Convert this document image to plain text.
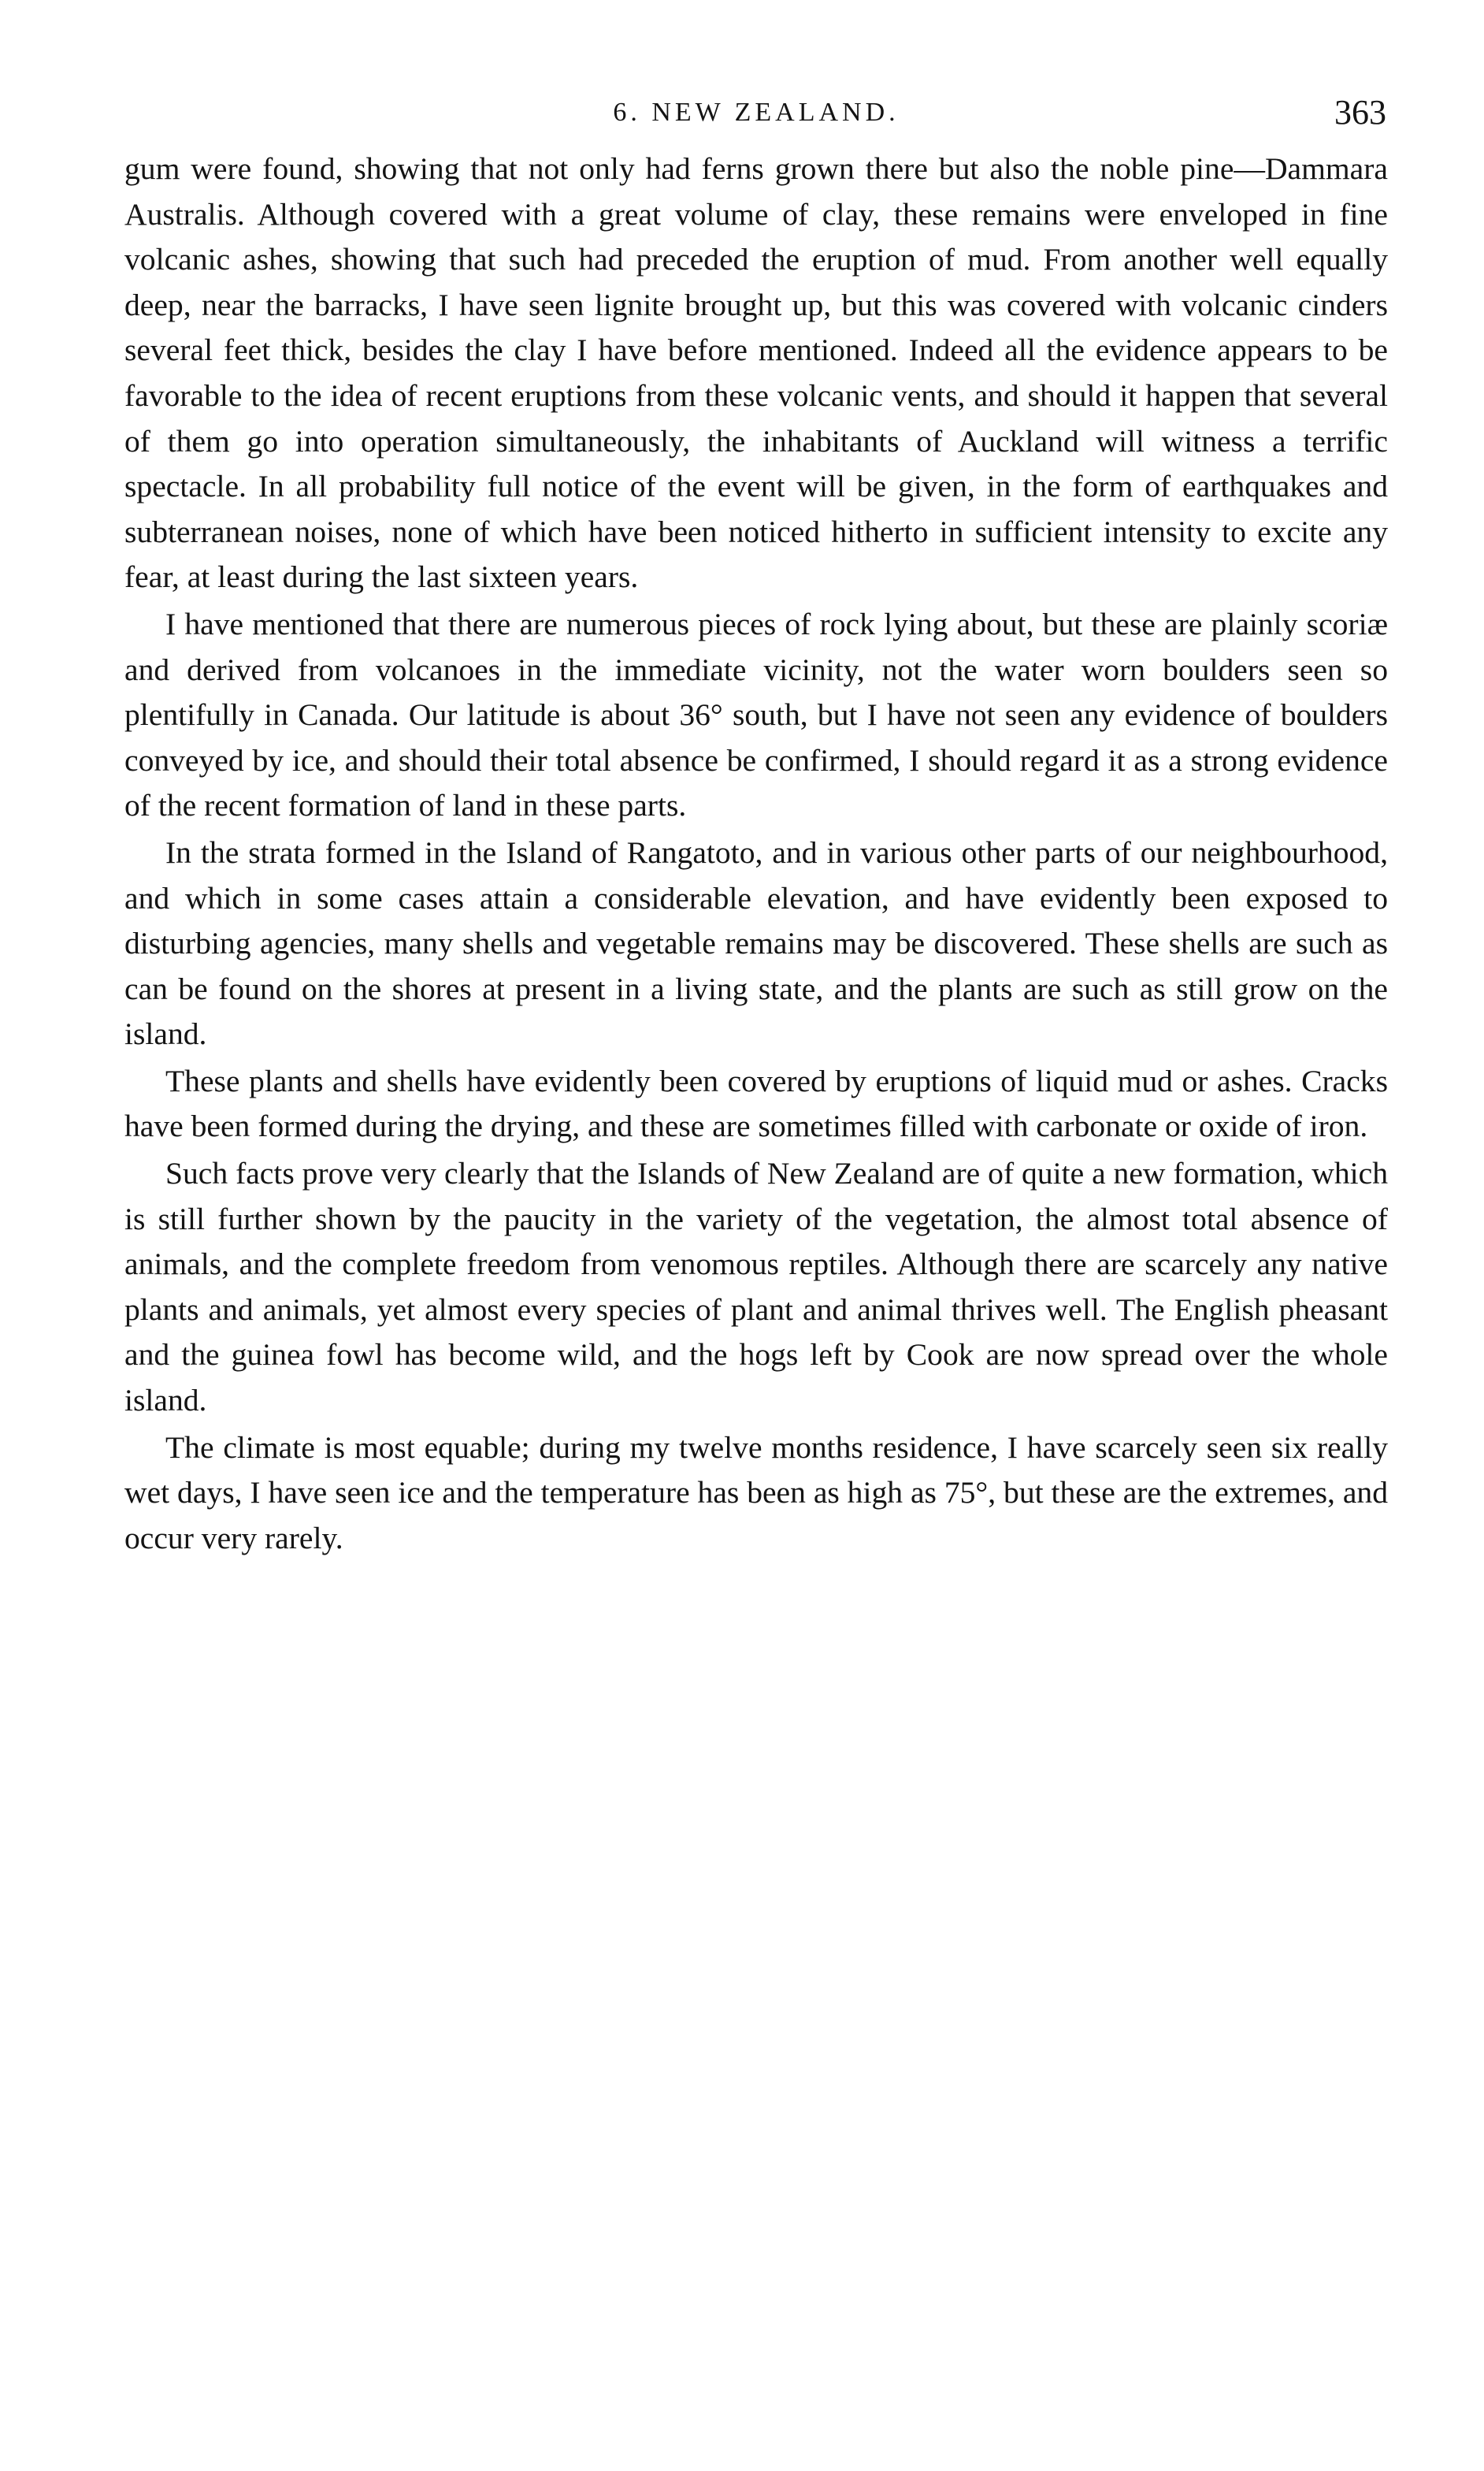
6. NEW ZEALAND.	363

gum were found, showing that not only had ferns grown there but also the noble pine—Dammara Australis. Although covered with a great volume of clay, these remains were enveloped in fine volcanic ashes, showing that such had preceded the eruption of mud. From another well equally deep, near the barracks, I have seen lignite brought up, but this was covered with volcanic cinders several feet thick, besides the clay I have before mentioned. Indeed all the evidence appears to be favorable to the idea of recent eruptions from these volcanic vents, and should it happen that several of them go into operation simultaneously, the inhabitants of Auckland will witness a terrific spectacle. In all probability full notice of the event will be given, in the form of earthquakes and subterranean noises, none of which have been noticed hitherto in sufficient intensity to excite any fear, at least during the last sixteen years.

I have mentioned that there are numerous pieces of rock lying about, but these are plainly scoriæ and derived from volcanoes in the immediate vicinity, not the water worn boulders seen so plentifully in Canada. Our latitude is about 36° south, but I have not seen any evidence of boulders conveyed by ice, and should their total absence be confirmed, I should regard it as a strong evidence of the recent formation of land in these parts.

In the strata formed in the Island of Rangatoto, and in various other parts of our neighbourhood, and which in some cases attain a considerable elevation, and have evidently been exposed to disturbing agencies, many shells and vegetable remains may be discovered. These shells are such as can be found on the shores at present in a living state, and the plants are such as still grow on the island.

These plants and shells have evidently been covered by eruptions of liquid mud or ashes. Cracks have been formed during the drying, and these are sometimes filled with carbonate or oxide of iron.

Such facts prove very clearly that the Islands of New Zealand are of quite a new formation, which is still further shown by the paucity in the variety of the vegetation, the almost total absence of animals, and the complete freedom from venomous reptiles. Although there are scarcely any native plants and animals, yet almost every species of plant and animal thrives well. The English pheasant and the guinea fowl has become wild, and the hogs left by Cook are now spread over the whole island.

The climate is most equable; during my twelve months residence, I have scarcely seen six really wet days, I have seen ice and the temperature has been as high as 75°, but these are the extremes, and occur very rarely.
